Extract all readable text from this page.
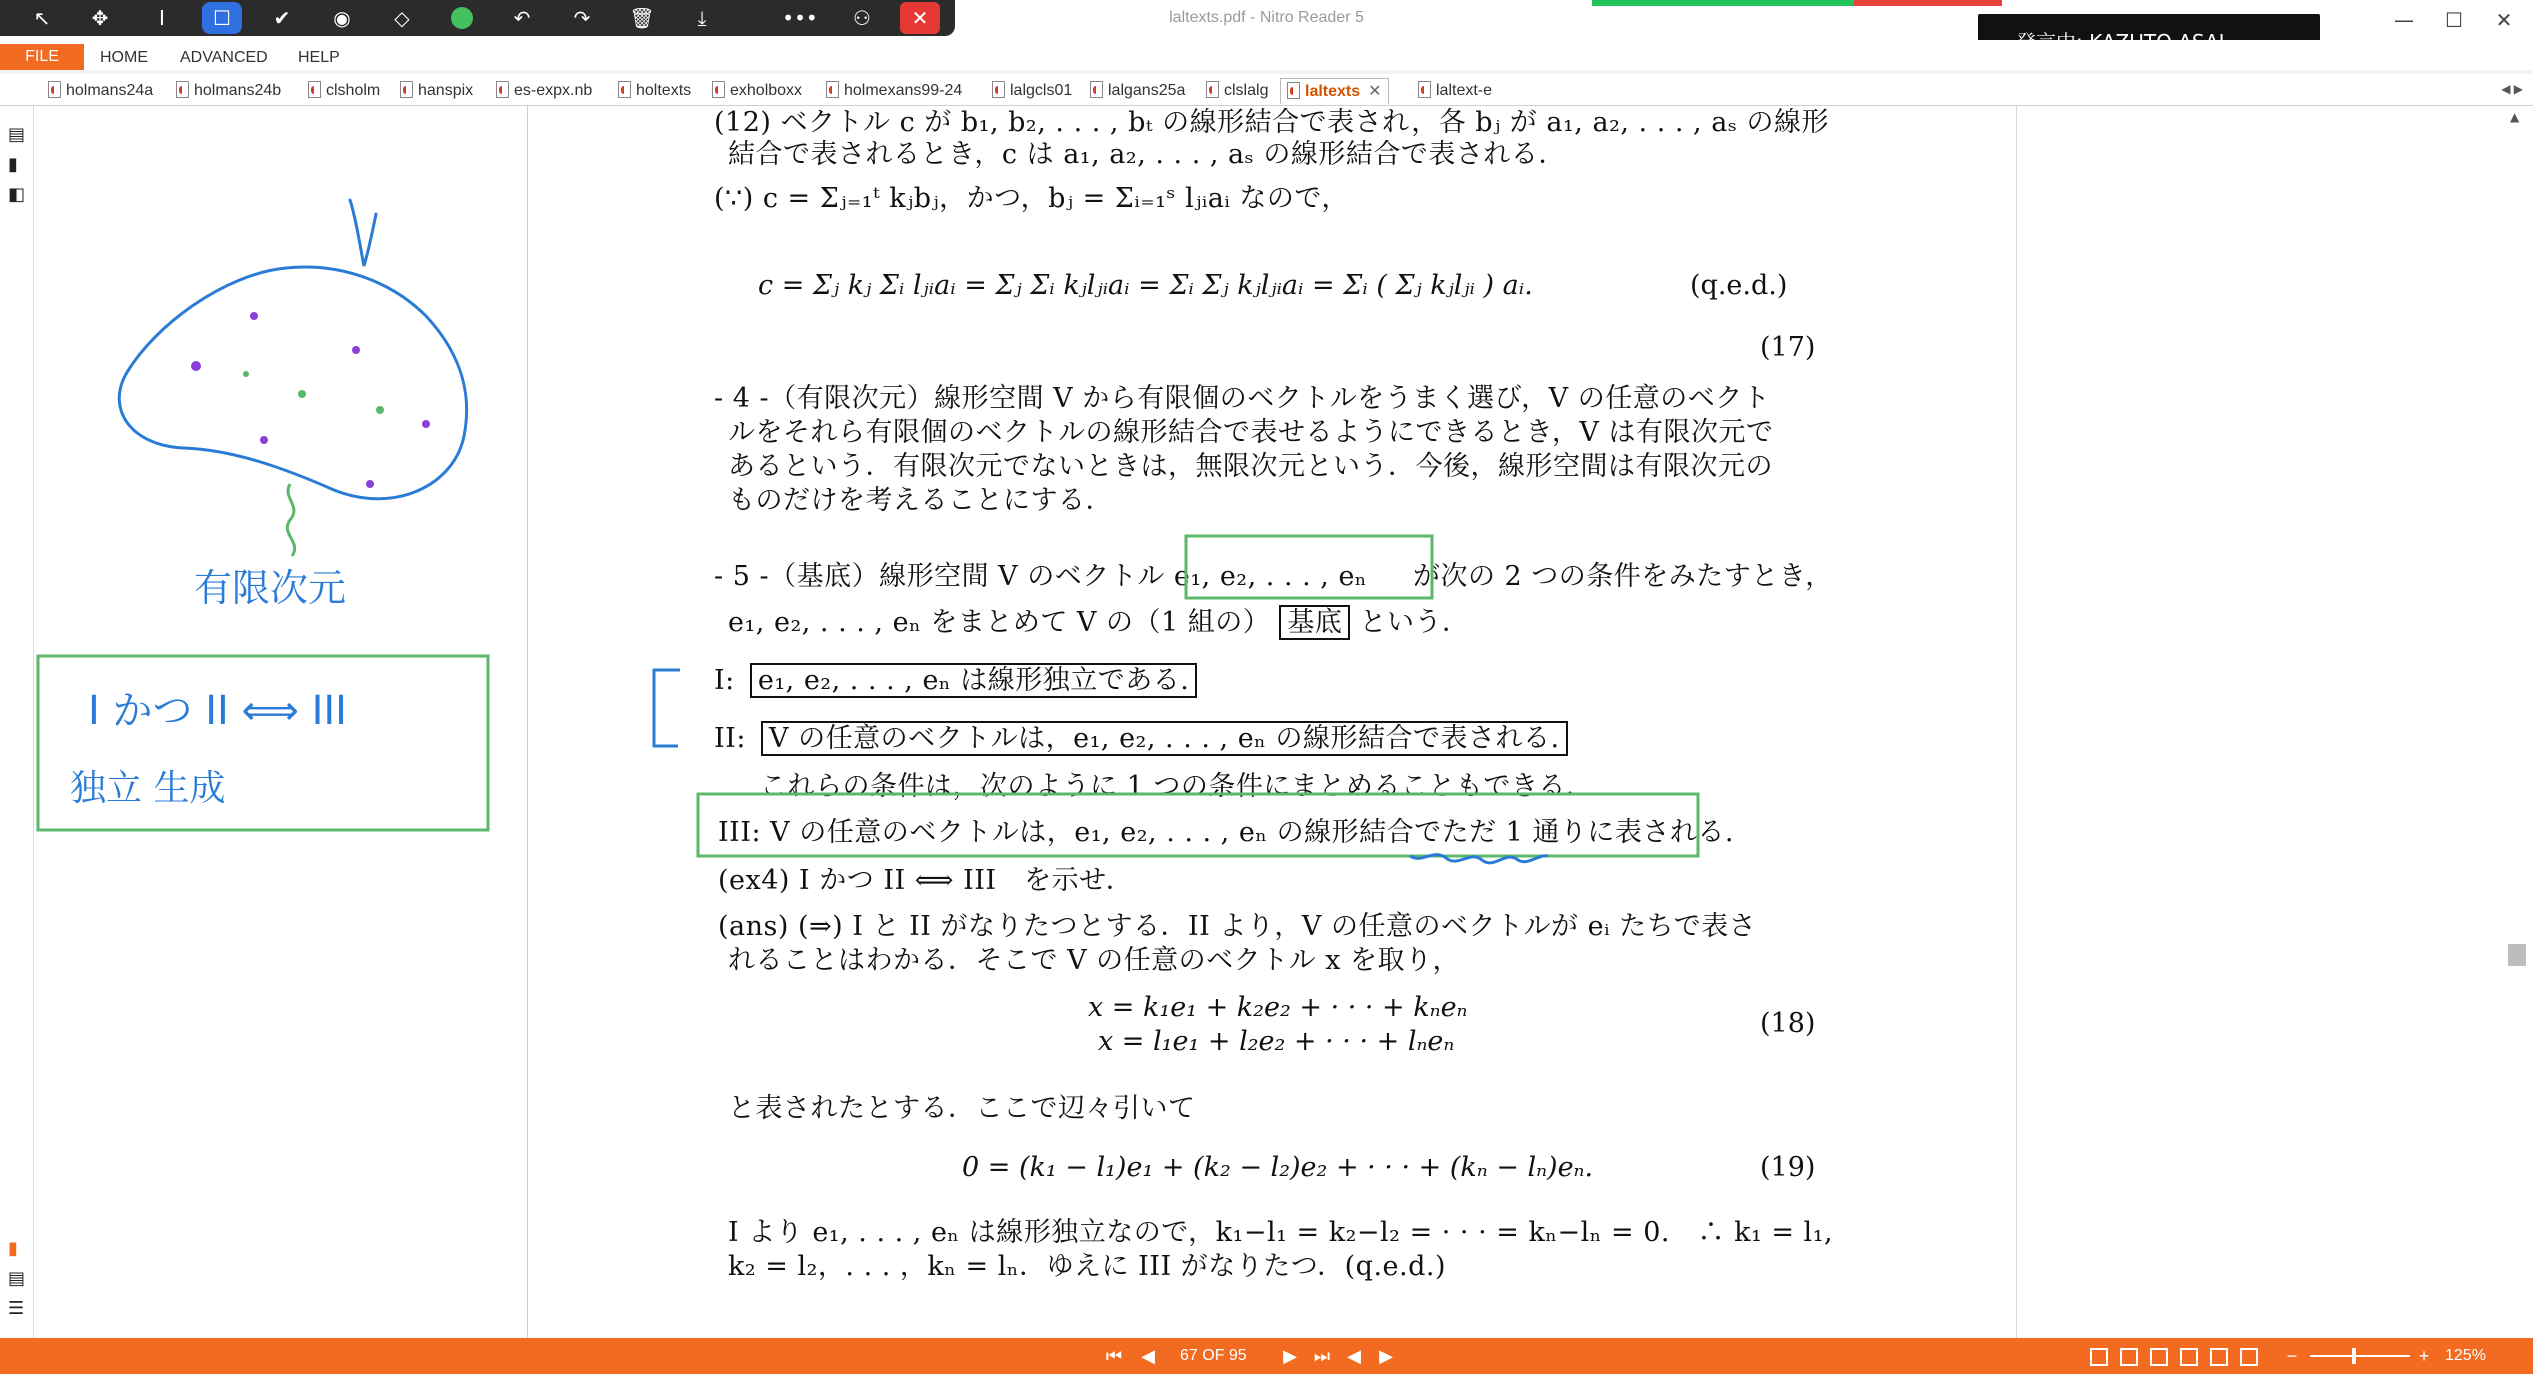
laltexts.pdf - Nitro Reader 5	—	☐	✕
↖	✥	I	☐	✔	◉	◇	↶	↷	🗑	⤓	•••	⚇	✕
FILE	HOME ADVANCED HELP
holmans24a	holmans24b	clsholm	hanspix	es-expx.nb	holtexts	exholboxx	holmexans99-24	lalgcls01	lalgans25a	clslalg	laltexts ✕	laltext-e	◀ ▶
▤
▮
◧
▮
▤
☰
有限次元
I かつ II ⟺ III
独立 生成
(12) ベクトル c が b₁, b₂, . . . , bₜ の線形結合で表され，各 bⱼ が a₁, a₂, . . . , aₛ の線形
結合で表されるとき，c は a₁, a₂, . . . , aₛ の線形結合で表される．
(∵) c = Σⱼ₌₁ᵗ kⱼbⱼ，かつ，bⱼ = Σᵢ₌₁ˢ lⱼᵢaᵢ なので，
c = Σⱼ kⱼ Σᵢ lⱼᵢaᵢ = Σⱼ Σᵢ kⱼlⱼᵢaᵢ = Σᵢ Σⱼ kⱼlⱼᵢaᵢ = Σᵢ ( Σⱼ kⱼlⱼᵢ ) aᵢ.	(q.e.d.)
(17)
- 4 -（有限次元）線形空間 V から有限個のベクトルをうまく選び，V の任意のベクト
ルをそれら有限個のベクトルの線形結合で表せるようにできるとき，V は有限次元で
あるという．有限次元でないときは，無限次元という．今後，線形空間は有限次元の
ものだけを考えることにする．
- 5 -（基底）線形空間 V のベクトル e₁, e₂, . . . , eₙ が次の 2 つの条件をみたすとき，
e₁, e₂, . . . , eₙ をまとめて V の（1 組の） 基底 という．
I: e₁, e₂, . . . , eₙ は線形独立である.
II: V の任意のベクトルは，e₁, e₂, . . . , eₙ の線形結合で表される.
これらの条件は，次のように 1 つの条件にまとめることもできる．
III: V の任意のベクトルは，e₁, e₂, . . . , eₙ の線形結合でただ 1 通りに表される.
(ex4) I かつ II ⟺ III　を示せ．
(ans) (⇒) I と II がなりたつとする．II より，V の任意のベクトルが eᵢ たちで表さ
れることはわかる．そこで V の任意のベクトル x を取り，
x = k₁e₁ + k₂e₂ + · · · + kₙeₙ
x = l₁e₁ + l₂e₂ + · · · + lₙeₙ
(18)
と表されたとする．ここで辺々引いて
0 = (k₁ − l₁)e₁ + (k₂ − l₂)e₂ + · · · + (kₙ − lₙ)eₙ.	(19)
I より e₁, . . . , eₙ は線形独立なので，k₁−l₁ = k₂−l₂ = · · · = kₙ−lₙ = 0.　∴ k₁ = l₁,
k₂ = l₂，. . . ，kₙ = lₙ．ゆえに III がなりたつ．(q.e.d.)
▲
⏮	◀	67 OF 95	▶ ⏭ ◀	▶	−	+ 125%
